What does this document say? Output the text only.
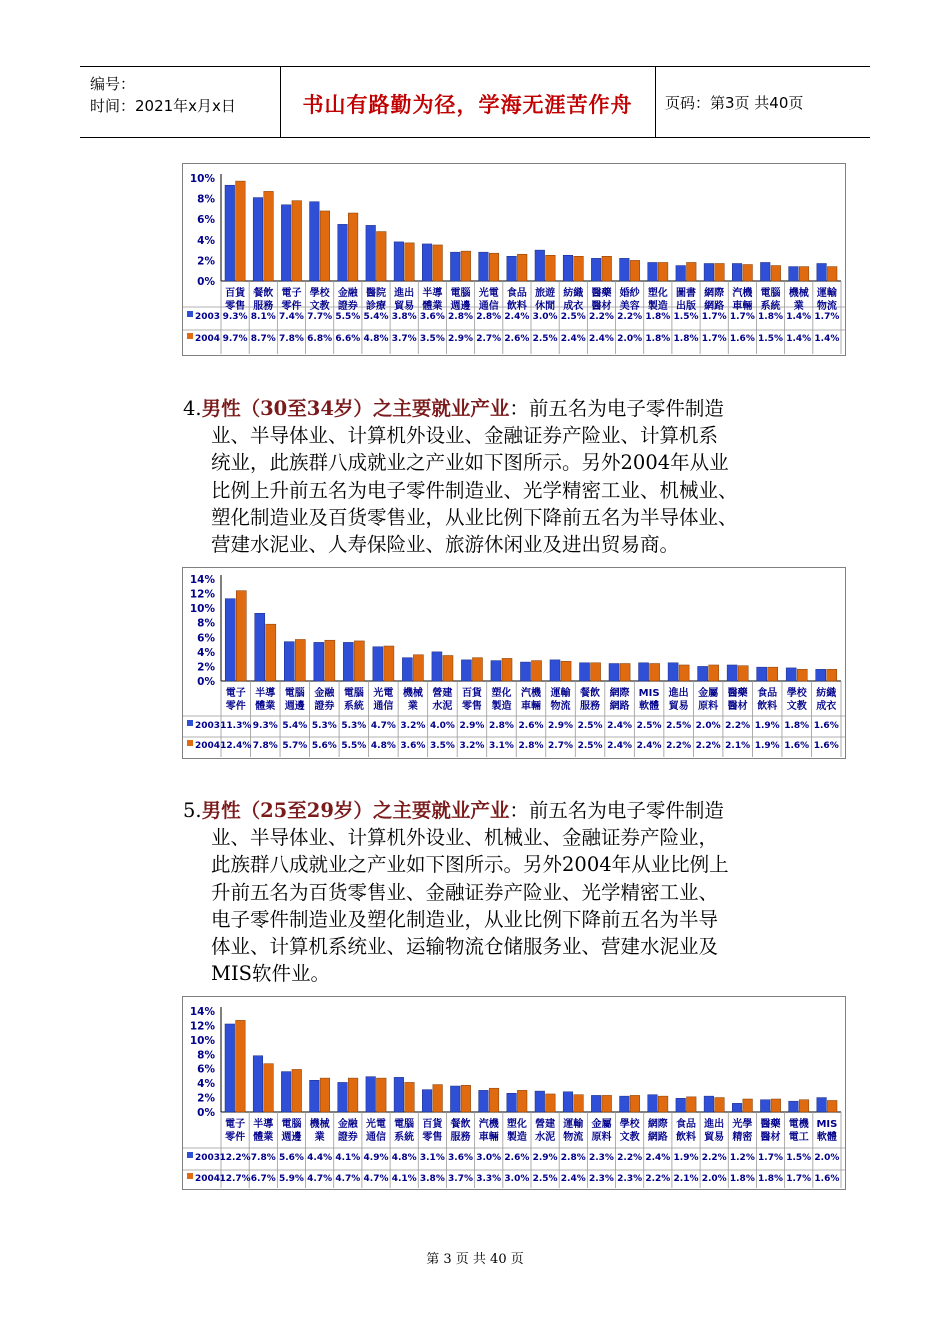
编号：
时间：2021年x月x日	书山有路勤为径，学海无涯苦作舟	页码：第3页 共40页
10%
8%
6%
4%
2%
0%
百貨
零售
9.3%
9.7%
餐飲
服務
8.1%
8.7%
電子
零件
7.4%
7.8%
學校
文教
7.7%
6.8%
金融
證券
5.5%
6.6%
醫院
診療
5.4%
4.8%
進出
貿易
3.8%
3.7%
半導
體業
3.6%
3.5%
電腦
週邊
2.8%
2.9%
光電
通信
2.8%
2.7%
食品
飲料
2.4%
2.6%
旅遊
休閒
3.0%
2.5%
紡織
成衣
2.5%
2.4%
醫藥
醫材
2.2%
2.4%
婚紗
美容
2.2%
2.0%
塑化
製造
1.8%
1.8%
圖書
出版
1.5%
1.8%
網際
網路
1.7%
1.7%
汽機
車輛
1.7%
1.6%
電腦
系統
1.8%
1.5%
機械
業
1.4%
1.4%
運輸
物流
1.7%
1.4%
2003
2004
4.男性（30至34岁）之主要就业产业：前五名为电子零件制造
业、半导体业、计算机外设业、金融证券产险业、计算机系
统业，此族群八成就业之产业如下图所示。另外2004年从业
比例上升前五名为电子零件制造业、光学精密工业、机械业、
塑化制造业及百货零售业，从业比例下降前五名为半导体业、
营建水泥业、人寿保险业、旅游休闲业及进出贸易商。
14%
12%
10%
8%
6%
4%
2%
0%
電子
零件
11.3%
12.4%
半導
體業
9.3%
7.8%
電腦
週邊
5.4%
5.7%
金融
證券
5.3%
5.6%
電腦
系統
5.3%
5.5%
光電
通信
4.7%
4.8%
機械
業
3.2%
3.6%
營建
水泥
4.0%
3.5%
百貨
零售
2.9%
3.2%
塑化
製造
2.8%
3.1%
汽機
車輛
2.6%
2.8%
運輸
物流
2.9%
2.7%
餐飲
服務
2.5%
2.5%
網際
網路
2.4%
2.4%
MIS
軟體
2.5%
2.4%
進出
貿易
2.5%
2.2%
金屬
原料
2.0%
2.2%
醫藥
醫材
2.2%
2.1%
食品
飲料
1.9%
1.9%
學校
文教
1.8%
1.6%
紡織
成衣
1.6%
1.6%
2003
2004
5.男性（25至29岁）之主要就业产业：前五名为电子零件制造
业、半导体业、计算机外设业、机械业、金融证券产险业，
此族群八成就业之产业如下图所示。另外2004年从业比例上
升前五名为百货零售业、金融证券产险业、光学精密工业、
电子零件制造业及塑化制造业，从业比例下降前五名为半导
体业、计算机系统业、运输物流仓储服务业、营建水泥业及
MIS软件业。
14%
12%
10%
8%
6%
4%
2%
0%
電子
零件
12.2%
12.7%
半導
體業
7.8%
6.7%
電腦
週邊
5.6%
5.9%
機械
業
4.4%
4.7%
金融
證券
4.1%
4.7%
光電
通信
4.9%
4.7%
電腦
系統
4.8%
4.1%
百貨
零售
3.1%
3.8%
餐飲
服務
3.6%
3.7%
汽機
車輛
3.0%
3.3%
塑化
製造
2.6%
3.0%
營建
水泥
2.9%
2.5%
運輸
物流
2.8%
2.4%
金屬
原料
2.3%
2.3%
學校
文教
2.2%
2.3%
網際
網路
2.4%
2.2%
食品
飲料
1.9%
2.1%
進出
貿易
2.2%
2.0%
光學
精密
1.2%
1.8%
醫藥
醫材
1.7%
1.8%
電機
電工
1.5%
1.7%
MIS
軟體
2.0%
1.6%
2003
2004
第 3 页 共 40 页
